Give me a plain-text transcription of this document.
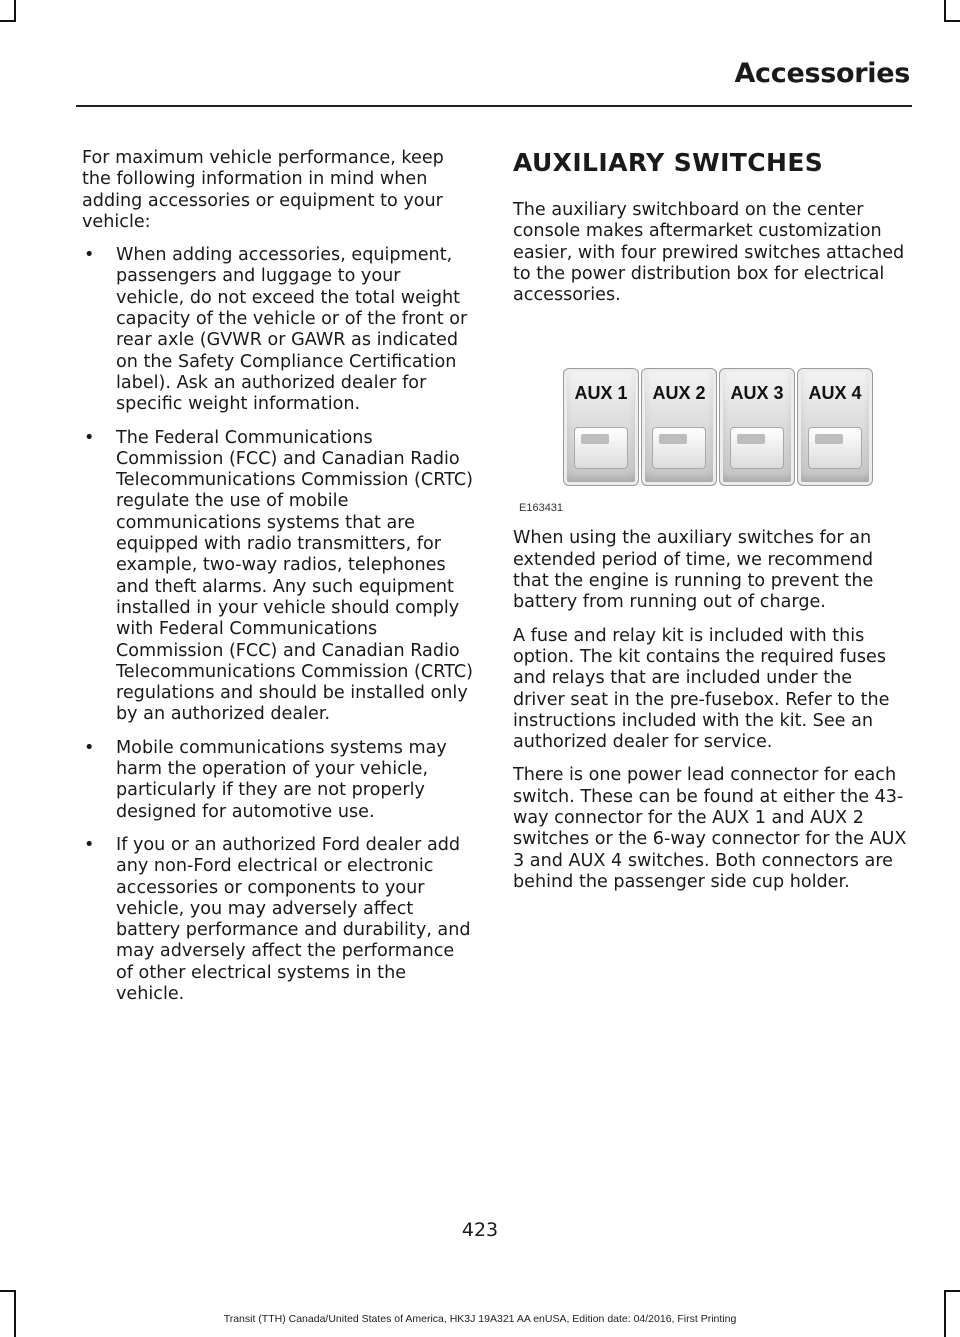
Accessories

For maximum vehicle performance, keep the following information in mind when adding accessories or equipment to your vehicle:

• When adding accessories, equipment, passengers and luggage to your vehicle, do not exceed the total weight capacity of the vehicle or of the front or rear axle (GVWR or GAWR as indicated on the Safety Compliance Certification label). Ask an authorized dealer for specific weight information.
• The Federal Communications Commission (FCC) and Canadian Radio Telecommunications Commission (CRTC) regulate the use of mobile communications systems that are equipped with radio transmitters, for example, two-way radios, telephones and theft alarms. Any such equipment installed in your vehicle should comply with Federal Communications Commission (FCC) and Canadian Radio Telecommunications Commission (CRTC) regulations and should be installed only by an authorized dealer.
• Mobile communications systems may harm the operation of your vehicle, particularly if they are not properly designed for automotive use.
• If you or an authorized Ford dealer add any non-Ford electrical or electronic accessories or components to your vehicle, you may adversely affect battery performance and durability, and may adversely affect the performance of other electrical systems in the vehicle.
AUXILIARY SWITCHES

The auxiliary switchboard on the center console makes aftermarket customization easier, with four prewired switches attached to the power distribution box for electrical accessories.

AUX 1	AUX 2	AUX 3	AUX 4
E163431

When using the auxiliary switches for an extended period of time, we recommend that the engine is running to prevent the battery from running out of charge.

A fuse and relay kit is included with this option. The kit contains the required fuses and relays that are included under the driver seat in the pre-fusebox. Refer to the instructions included with the kit. See an authorized dealer for service.

There is one power lead connector for each switch. These can be found at either the 43-way connector for the AUX 1 and AUX 2 switches or the 6-way connector for the AUX 3 and AUX 4 switches. Both connectors are behind the passenger side cup holder.

423
Transit (TTH) Canada/United States of America, HK3J 19A321 AA enUSA, Edition date: 04/2016, First Printing
